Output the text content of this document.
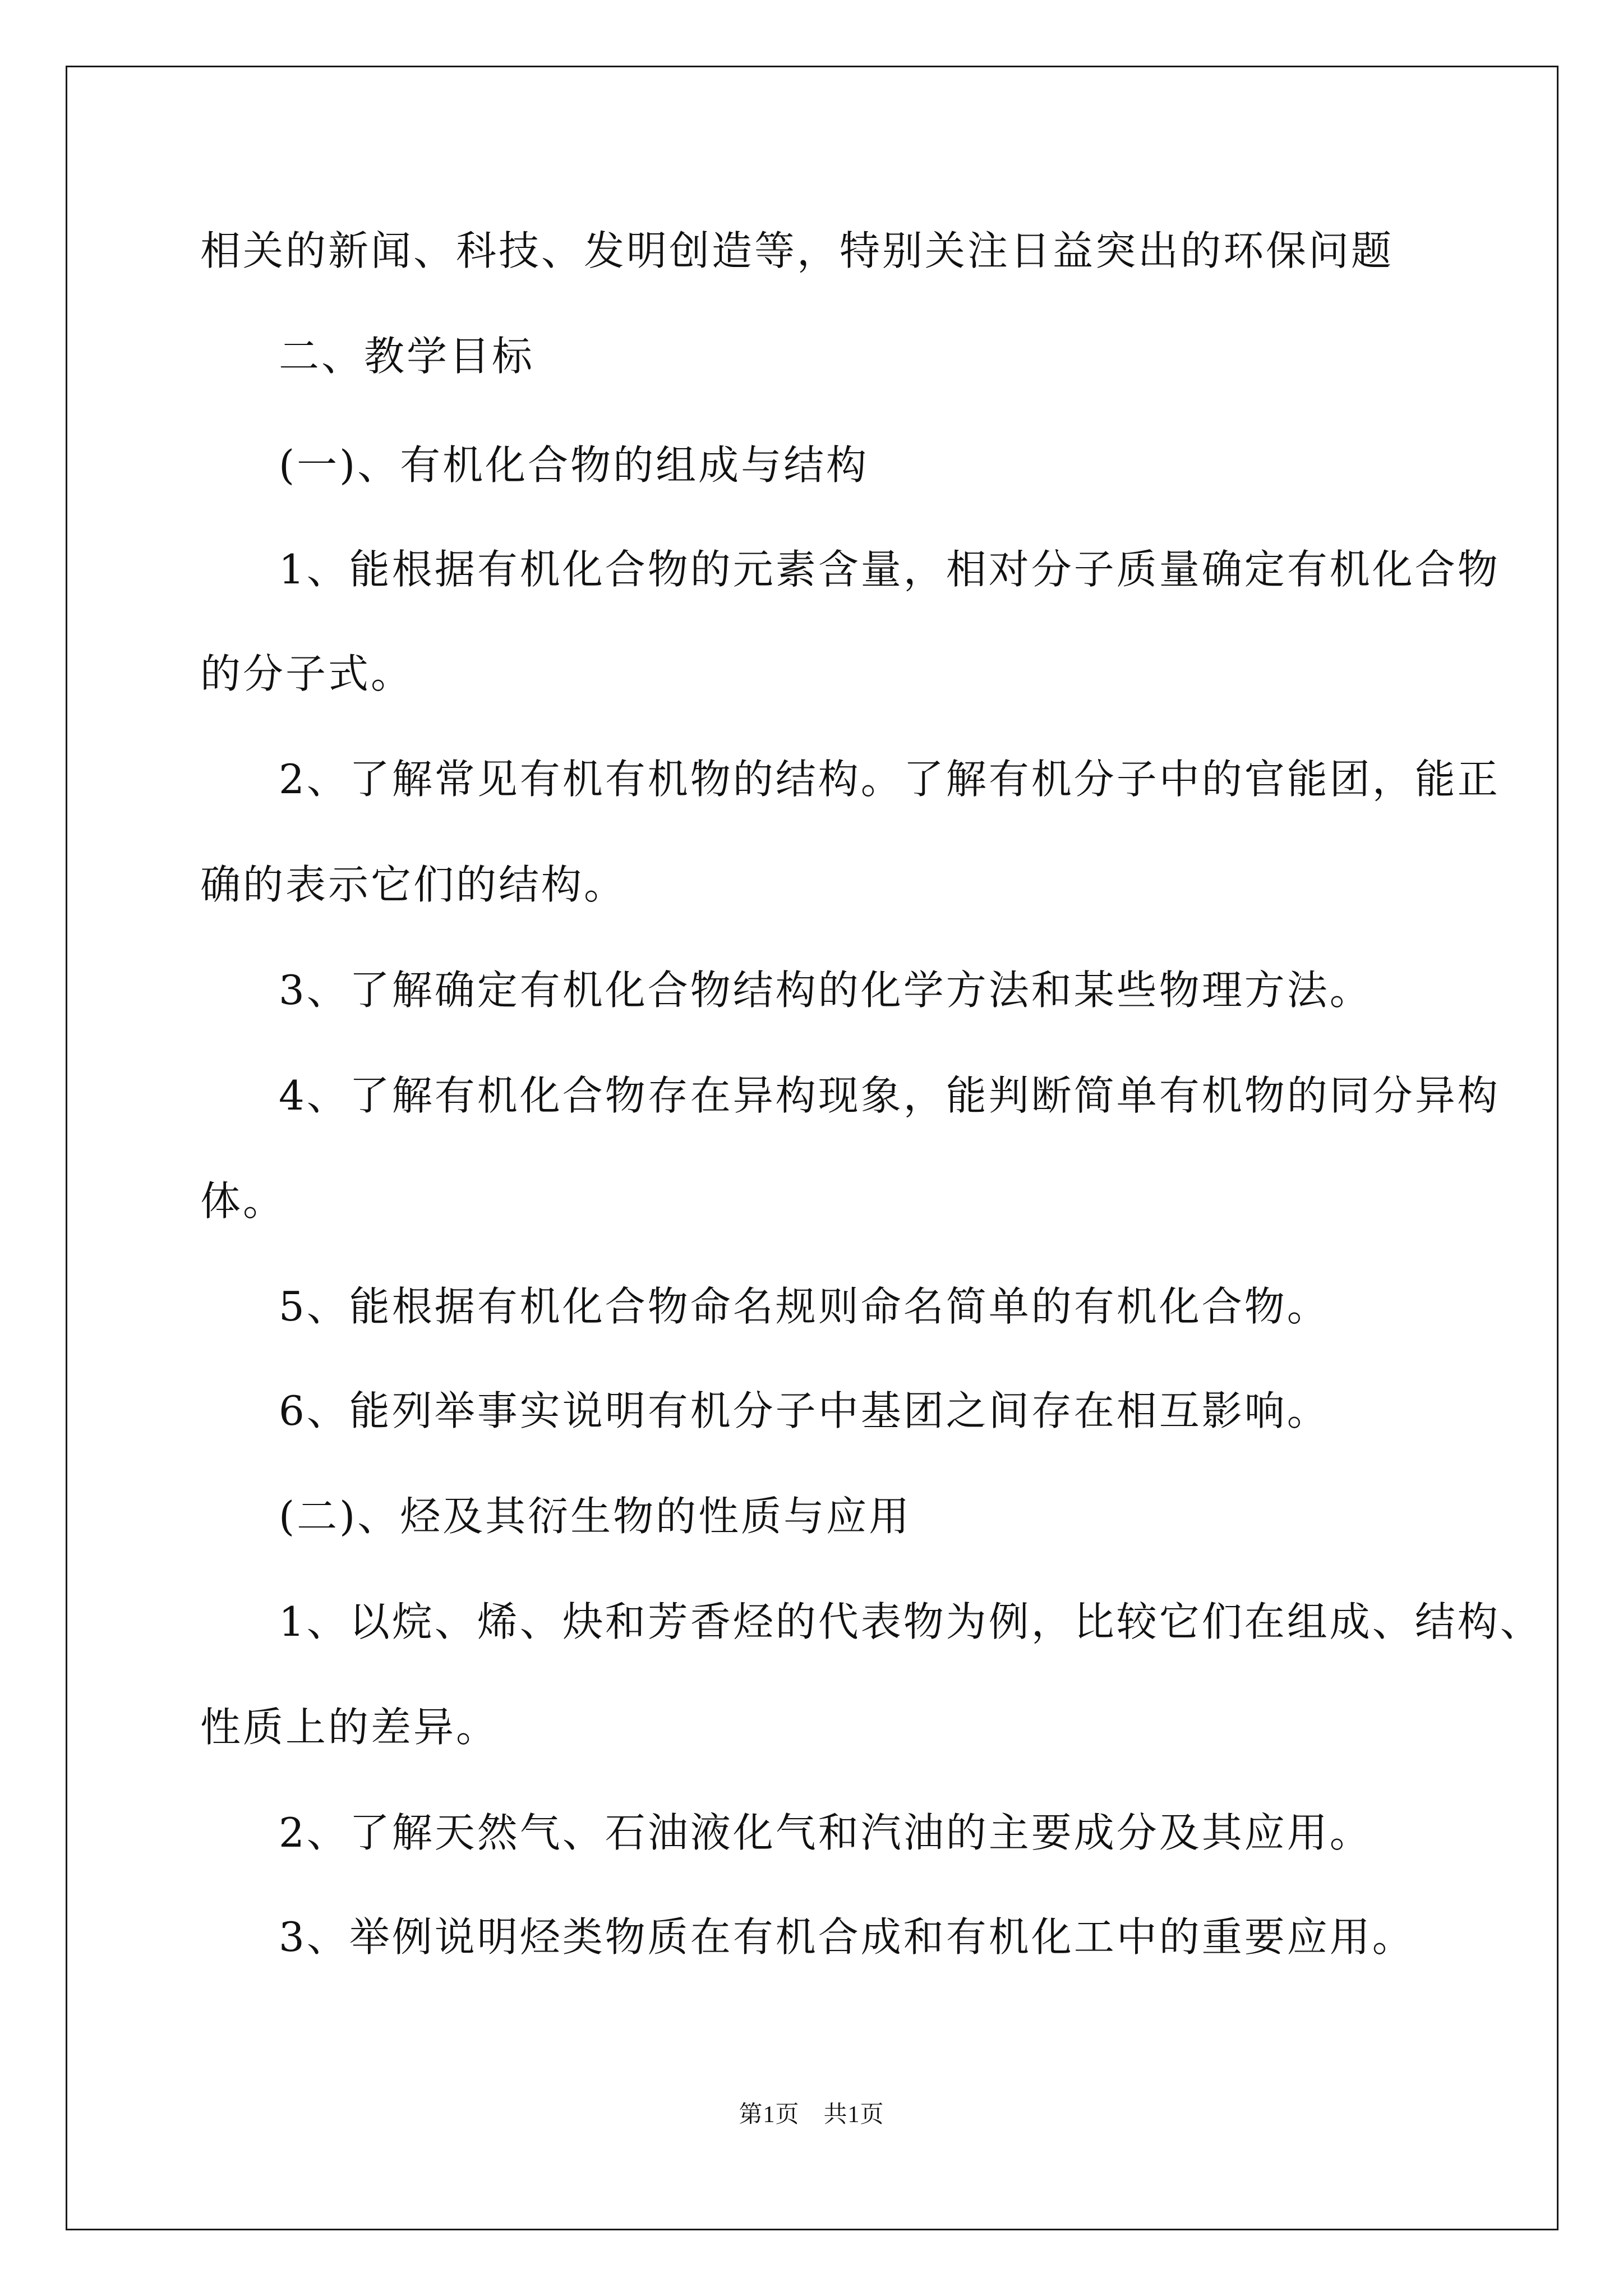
相关的新闻、科技、发明创造等，特别关注日益突出的环保问题
二、教学目标
(一)、有机化合物的组成与结构
1、能根据有机化合物的元素含量，相对分子质量确定有机化合物
的分子式。
2、了解常见有机有机物的结构。了解有机分子中的官能团，能正
确的表示它们的结构。
3、了解确定有机化合物结构的化学方法和某些物理方法。
4、了解有机化合物存在异构现象，能判断简单有机物的同分异构
体。
5、能根据有机化合物命名规则命名简单的有机化合物。
6、能列举事实说明有机分子中基团之间存在相互影响。
(二)、烃及其衍生物的性质与应用
1、以烷、烯、炔和芳香烃的代表物为例，比较它们在组成、结构、
性质上的差异。
2、了解天然气、石油液化气和汽油的主要成分及其应用。
3、举例说明烃类物质在有机合成和有机化工中的重要应用。
第1页　共1页
